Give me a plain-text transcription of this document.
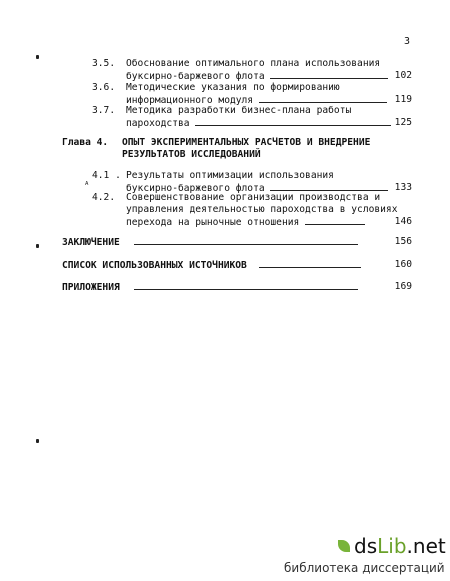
3
3.5.	Обоснование оптимального плана использования
буксирно-баржевого флота	102
3.6.	Методические указания по формированию
информационного модуля	119
3.7.	Методика разработки бизнес-плана работы
пароходства	125
Глава 4.	ОПЫТ ЭКСПЕРИМЕНТАЛЬНЫХ РАСЧЕТОВ И ВНЕДРЕНИЕ
РЕЗУЛЬТАТОВ ИССЛЕДОВАНИЙ
4.1 . Результаты оптимизации использования
буксирно-баржевого флота	133
ᴬ
4.2.	Совершенствование организации производства и
управления деятельностью пароходства в условиях
перехода на рыночные отношения	146
ЗАКЛЮЧЕНИЕ	156
СПИСОК ИСПОЛЬЗОВАННЫХ ИСТОЧНИКОВ	160
ПРИЛОЖЕНИЯ	169
dsLib.net
библиотека диссертаций
